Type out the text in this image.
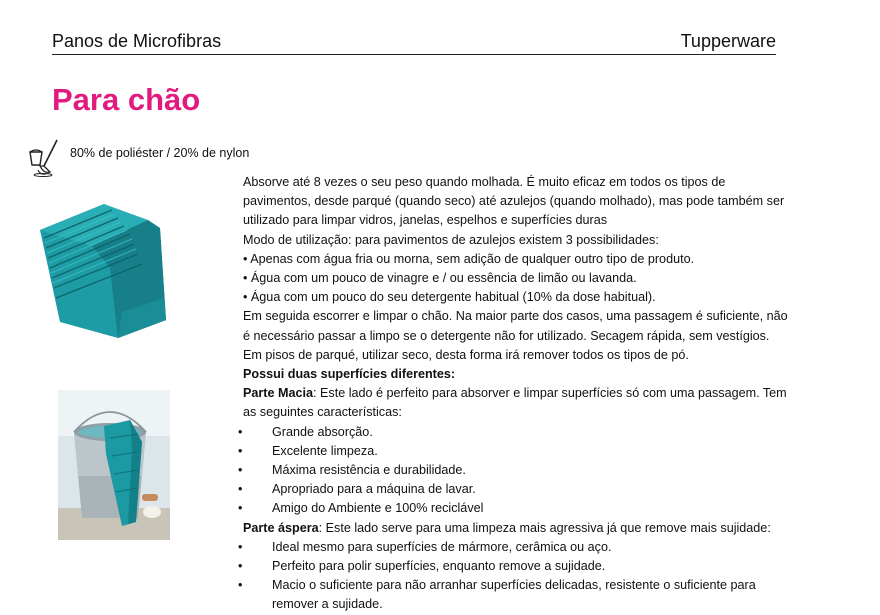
Panos de Microfibras	Tupperware
Para chão
80% de poliéster / 20% de nylon

Absorve até 8 vezes o seu peso quando molhada. É muito eficaz em todos os tipos de

pavimentos, desde parqué (quando seco) até azulejos (quando molhado), mas pode também ser

utilizado para limpar vidros, janelas, espelhos e superfícies duras

Modo de utilização: para pavimentos de azulejos existem 3 possibilidades:

• Apenas com água fria ou morna, sem adição de qualquer outro tipo de produto.

• Água com um pouco de vinagre e / ou essência de limão ou lavanda.

• Água com um pouco do seu detergente habitual (10% da dose habitual).

Em seguida escorrer e limpar o chão. Na maior parte dos casos, uma passagem é suficiente, não

é necessário passar a limpo se o detergente não for utilizado. Secagem rápida, sem vestígios.

Em pisos de parqué, utilizar seco, desta forma irá remover todos os tipos de pó.

Possui duas superfícies diferentes:

Parte Macia: Este lado é perfeito para absorver e limpar superfícies só com uma passagem. Tem

as seguintes características:

• Grande absorção.
• Excelente limpeza.
• Máxima resistência e durabilidade.
• Apropriado para a máquina de lavar.
• Amigo do Ambiente e 100% reciclável

Parte áspera: Este lado serve para uma limpeza mais agressiva já que remove mais sujidade:

• Ideal mesmo para superfícies de mármore, cerâmica ou aço.
• Perfeito para polir superfícies, enquanto remove a sujidade.
• Macio o suficiente para não arranhar superfícies delicadas, resistente o suficiente para
remover a sujidade.
